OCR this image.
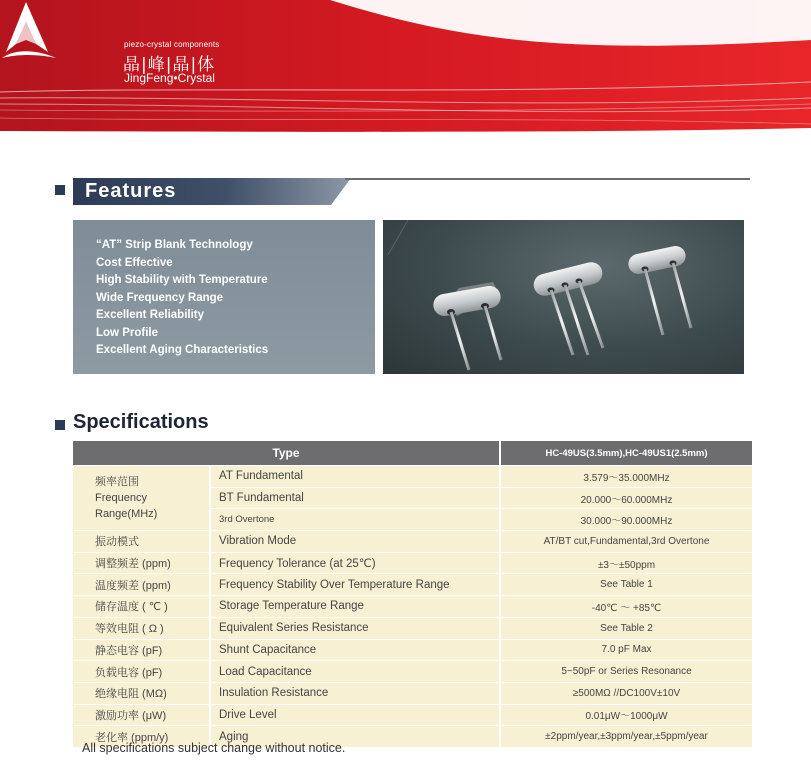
piezo-crystal components
晶|峰|晶|体
JingFeng•Crystal
Features
“AT” Strip Blank Technology
Cost Effective
High Stability with Temperature
Wide Frequency Range
Excellent Reliability
Low Profile
Excellent Aging Characteristics
Specifications
Type		HC-49US(3.5mm),HC-49US1(2.5mm)
频率范围
Frequency
Range(MHz)	AT Fundamental	3.579～35.000MHz
	BT Fundamental	20.000～60.000MHz
	3rd Overtone	30.000～90.000MHz
振动模式	Vibration Mode	AT/BT cut,Fundamental,3rd Overtone
调整频差 (ppm)	Frequency Tolerance (at 25℃)	±3～±50ppm
温度频差 (ppm)	Frequency Stability Over Temperature Range	See Table 1
储存温度 ( ℃ )	Storage Temperature Range	-40℃ ～ +85℃
等效电阻 ( Ω )	Equivalent Series Resistance	See Table 2
静态电容 (pF)	Shunt Capacitance	7.0 pF Max
负载电容 (pF)	Load Capacitance	5~50pF or Series Resonance
绝缘电阻 (MΩ)	Insulation Resistance	≥500MΩ //DC100V±10V
激励功率 (μW)	Drive Level	0.01μW～1000μW
老化率 (ppm/y)	Aging	±2ppm/year,±3ppm/year,±5ppm/year
All specifications subject change without notice.
